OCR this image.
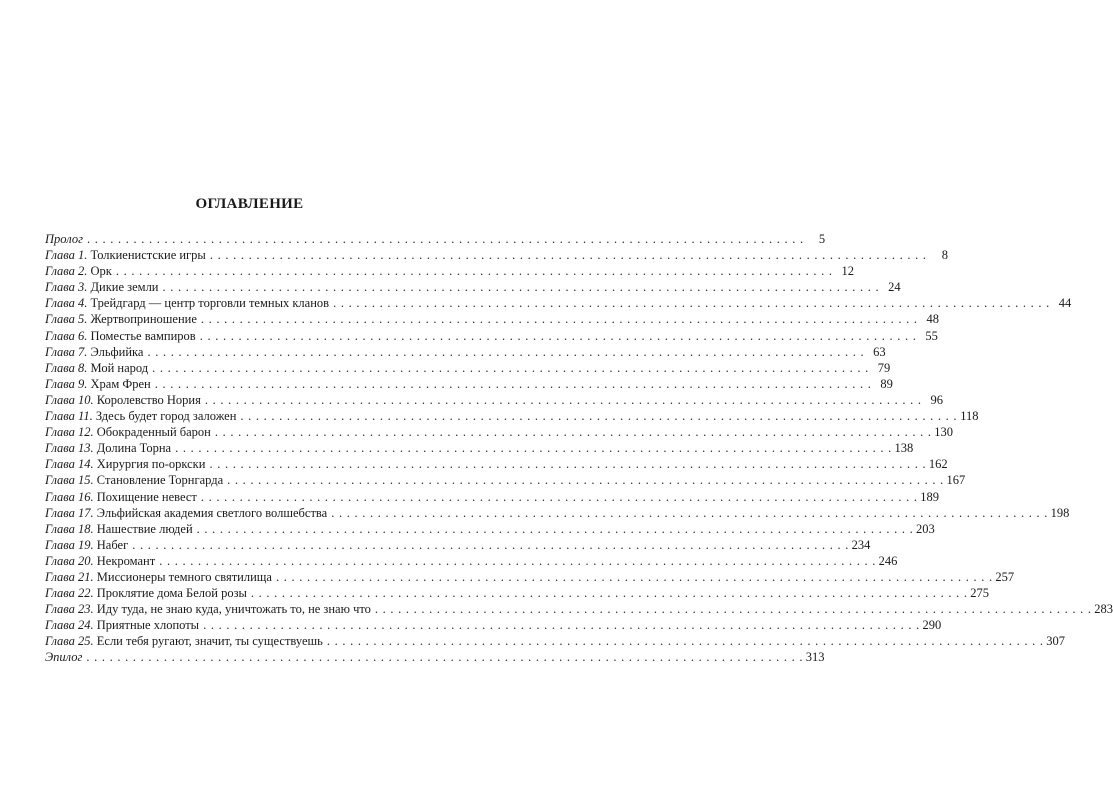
ОГЛАВЛЕНИЕ
Пролог . . .	5
Глава 1. Толкиенистские игры . . .	8
Глава 2. Орк . . .	12
Глава 3. Дикие земли . . .	24
Глава 4. Трейдгард — центр торговли темных кланов . . .	44
Глава 5. Жертвоприношение . . .	48
Глава 6. Поместье вампиров . . .	55
Глава 7. Эльфийка . . .	63
Глава 8. Мой народ . . .	79
Глава 9. Храм Френ . . .	89
Глава 10. Королевство Нория . . .	96
Глава 11. Здесь будет город заложен . . .	118
Глава 12. Обокраденный барон . . .	130
Глава 13. Долина Торна . . .	138
Глава 14. Хирургия по-оркски . . .	162
Глава 15. Становление Торнгарда . . .	167
Глава 16. Похищение невест . . .	189
Глава 17. Эльфийская академия светлого волшебства . . .	198
Глава 18. Нашествие людей . . .	203
Глава 19. Набег . . .	234
Глава 20. Некромант . . .	246
Глава 21. Миссионеры темного святилища . . .	257
Глава 22. Проклятие дома Белой розы . . .	275
Глава 23. Иду туда, не знаю куда, уничтожать то, не знаю что . . .	283
Глава 24. Приятные хлопоты . . .	290
Глава 25. Если тебя ругают, значит, ты существуешь . . .	307
Эпилог . . .	313
